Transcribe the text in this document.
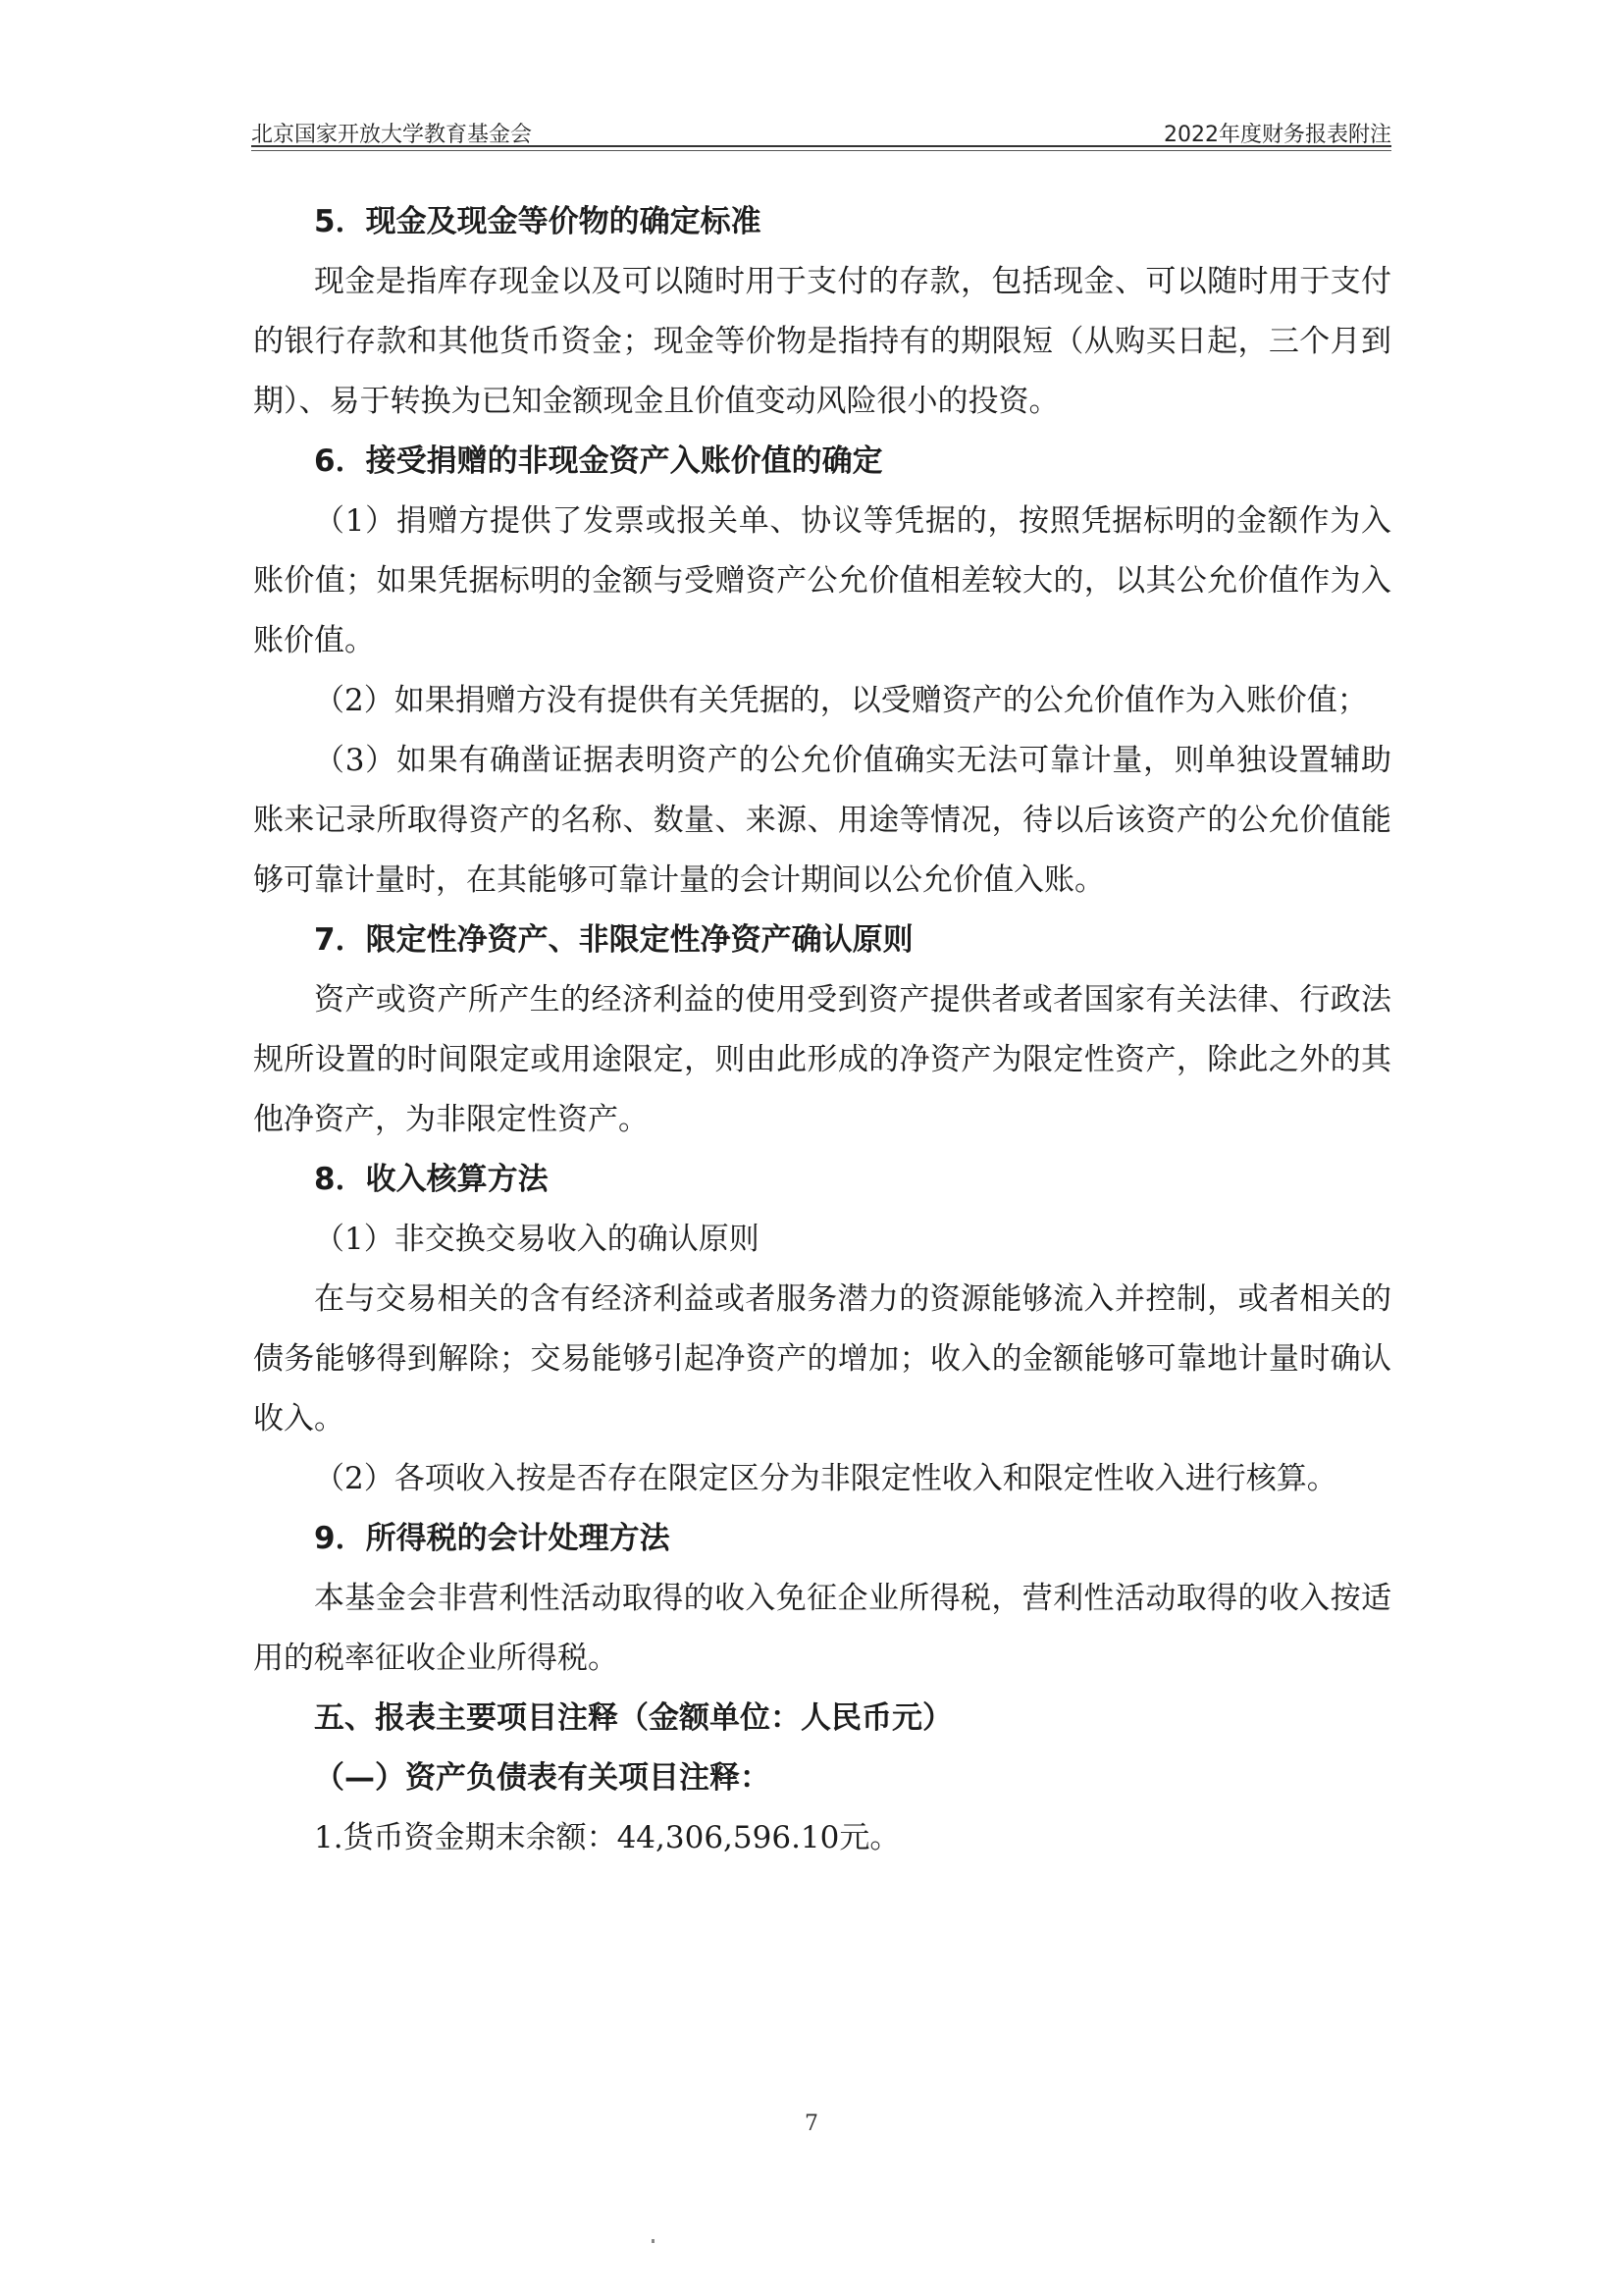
北京国家开放大学教育基金会	2022年度财务报表附注

5．现金及现金等价物的确定标准

现金是指库存现金以及可以随时用于支付的存款，包括现金、可以随时用于支付的银行存款和其他货币资金；现金等价物是指持有的期限短（从购买日起，三个月到期）、易于转换为已知金额现金且价值变动风险很小的投资。

6．接受捐赠的非现金资产入账价值的确定

（1）捐赠方提供了发票或报关单、协议等凭据的，按照凭据标明的金额作为入账价值；如果凭据标明的金额与受赠资产公允价值相差较大的，以其公允价值作为入账价值。

（2）如果捐赠方没有提供有关凭据的，以受赠资产的公允价值作为入账价值；

（3）如果有确凿证据表明资产的公允价值确实无法可靠计量，则单独设置辅助账来记录所取得资产的名称、数量、来源、用途等情况，待以后该资产的公允价值能够可靠计量时，在其能够可靠计量的会计期间以公允价值入账。

7．限定性净资产、非限定性净资产确认原则

资产或资产所产生的经济利益的使用受到资产提供者或者国家有关法律、行政法规所设置的时间限定或用途限定，则由此形成的净资产为限定性资产，除此之外的其他净资产，为非限定性资产。

8．收入核算方法

（1）非交换交易收入的确认原则

在与交易相关的含有经济利益或者服务潜力的资源能够流入并控制，或者相关的债务能够得到解除；交易能够引起净资产的增加；收入的金额能够可靠地计量时确认收入。

（2）各项收入按是否存在限定区分为非限定性收入和限定性收入进行核算。

9．所得税的会计处理方法

本基金会非营利性活动取得的收入免征企业所得税，营利性活动取得的收入按适用的税率征收企业所得税。

五、报表主要项目注释（金额单位：人民币元）

（—）资产负债表有关项目注释：

1.货币资金期末余额：44,306,596.10元。

7
